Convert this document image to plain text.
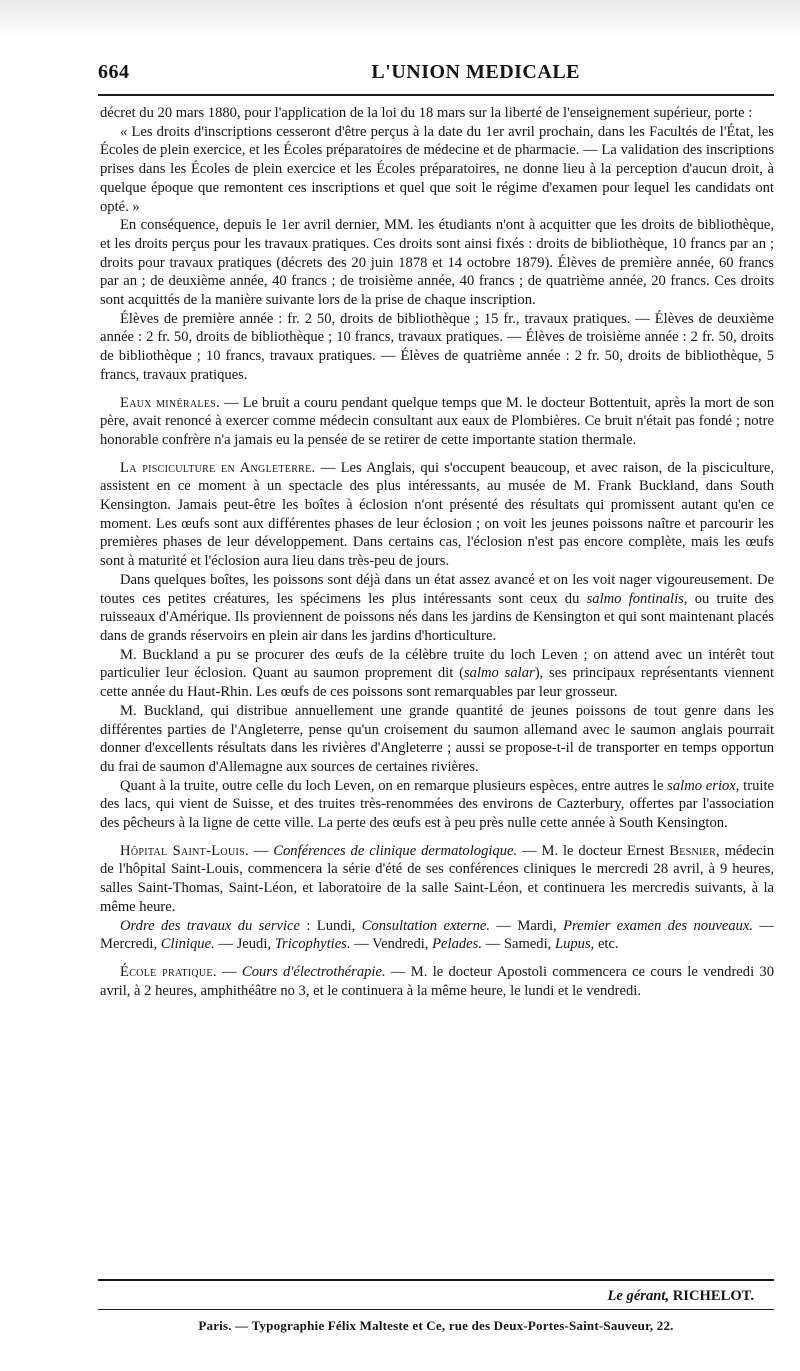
664	L'UNION MEDICALE

décret du 20 mars 1880, pour l'application de la loi du 18 mars sur la liberté de l'enseignement supérieur, porte :

« Les droits d'inscriptions cesseront d'être perçus à la date du 1er avril prochain, dans les Facultés de l'État, les Écoles de plein exercice, et les Écoles préparatoires de médecine et de pharmacie. — La validation des inscriptions prises dans les Écoles de plein exercice et les Écoles préparatoires, ne donne lieu à la perception d'aucun droit, à quelque époque que remontent ces inscriptions et quel que soit le régime d'examen pour lequel les candidats ont opté. »

En conséquence, depuis le 1er avril dernier, MM. les étudiants n'ont à acquitter que les droits de bibliothèque, et les droits perçus pour les travaux pratiques. Ces droits sont ainsi fixés : droits de bibliothèque, 10 francs par an ; droits pour travaux pratiques (décrets des 20 juin 1878 et 14 octobre 1879). Élèves de première année, 60 francs par an ; de deuxième année, 40 francs ; de troisième année, 40 francs ; de quatrième année, 20 francs. Ces droits sont acquittés de la manière suivante lors de la prise de chaque inscription.

Élèves de première année : fr. 2 50, droits de bibliothèque ; 15 fr., travaux pratiques. — Élèves de deuxième année : 2 fr. 50, droits de bibliothèque ; 10 francs, travaux pratiques. — Élèves de troisième année : 2 fr. 50, droits de bibliothèque ; 10 francs, travaux pratiques. — Élèves de quatrième année : 2 fr. 50, droits de bibliothèque, 5 francs, travaux pratiques.

Eaux minérales. — Le bruit a couru pendant quelque temps que M. le docteur Bottentuit, après la mort de son père, avait renoncé à exercer comme médecin consultant aux eaux de Plombières. Ce bruit n'était pas fondé ; notre honorable confrère n'a jamais eu la pensée de se retirer de cette importante station thermale.

La pisciculture en Angleterre. — Les Anglais, qui s'occupent beaucoup, et avec raison, de la pisciculture, assistent en ce moment à un spectacle des plus intéressants, au musée de M. Frank Buckland, dans South Kensington. Jamais peut-être les boîtes à éclosion n'ont présenté des résultats qui promissent autant qu'en ce moment. Les œufs sont aux différentes phases de leur éclosion ; on voit les jeunes poissons naître et parcourir les premières phases de leur développement. Dans certains cas, l'éclosion n'est pas encore complète, mais les œufs sont à maturité et l'éclosion aura lieu dans très-peu de jours.

Dans quelques boîtes, les poissons sont déjà dans un état assez avancé et on les voit nager vigoureusement. De toutes ces petites créatures, les spécimens les plus intéressants sont ceux du salmo fontinalis, ou truite des ruisseaux d'Amérique. Ils proviennent de poissons nés dans les jardins de Kensington et qui sont maintenant placés dans de grands réservoirs en plein air dans les jardins d'horticulture.

M. Buckland a pu se procurer des œufs de la célèbre truite du loch Leven ; on attend avec un intérêt tout particulier leur éclosion. Quant au saumon proprement dit (salmo salar), ses principaux représentants viennent cette année du Haut-Rhin. Les œufs de ces poissons sont remarquables par leur grosseur.

M. Buckland, qui distribue annuellement une grande quantité de jeunes poissons de tout genre dans les différentes parties de l'Angleterre, pense qu'un croisement du saumon allemand avec le saumon anglais pourrait donner d'excellents résultats dans les rivières d'Angleterre ; aussi se propose-t-il de transporter en temps opportun du frai de saumon d'Allemagne aux sources de certaines rivières.

Quant à la truite, outre celle du loch Leven, on en remarque plusieurs espèces, entre autres le salmo eriox, truite des lacs, qui vient de Suisse, et des truites très-renommées des environs de Cazterbury, offertes par l'association des pêcheurs à la ligne de cette ville. La perte des œufs est à peu près nulle cette année à South Kensington.

Hôpital Saint-Louis. — Conférences de clinique dermatologique. — M. le docteur Ernest Besnier, médecin de l'hôpital Saint-Louis, commencera la série d'été de ses conférences cliniques le mercredi 28 avril, à 9 heures, salles Saint-Thomas, Saint-Léon, et laboratoire de la salle Saint-Léon, et continuera les mercredis suivants, à la même heure.

Ordre des travaux du service : Lundi, Consultation externe. — Mardi, Premier examen des nouveaux. — Mercredi, Clinique. — Jeudi, Tricophyties. — Vendredi, Pelades. — Samedi, Lupus, etc.

École pratique. — Cours d'électrothérapie. — M. le docteur Apostoli commencera ce cours le vendredi 30 avril, à 2 heures, amphithéâtre no 3, et le continuera à la même heure, le lundi et le vendredi.

Le gérant, RICHELOT.
Paris. — Typographie Félix Malteste et Ce, rue des Deux-Portes-Saint-Sauveur, 22.
